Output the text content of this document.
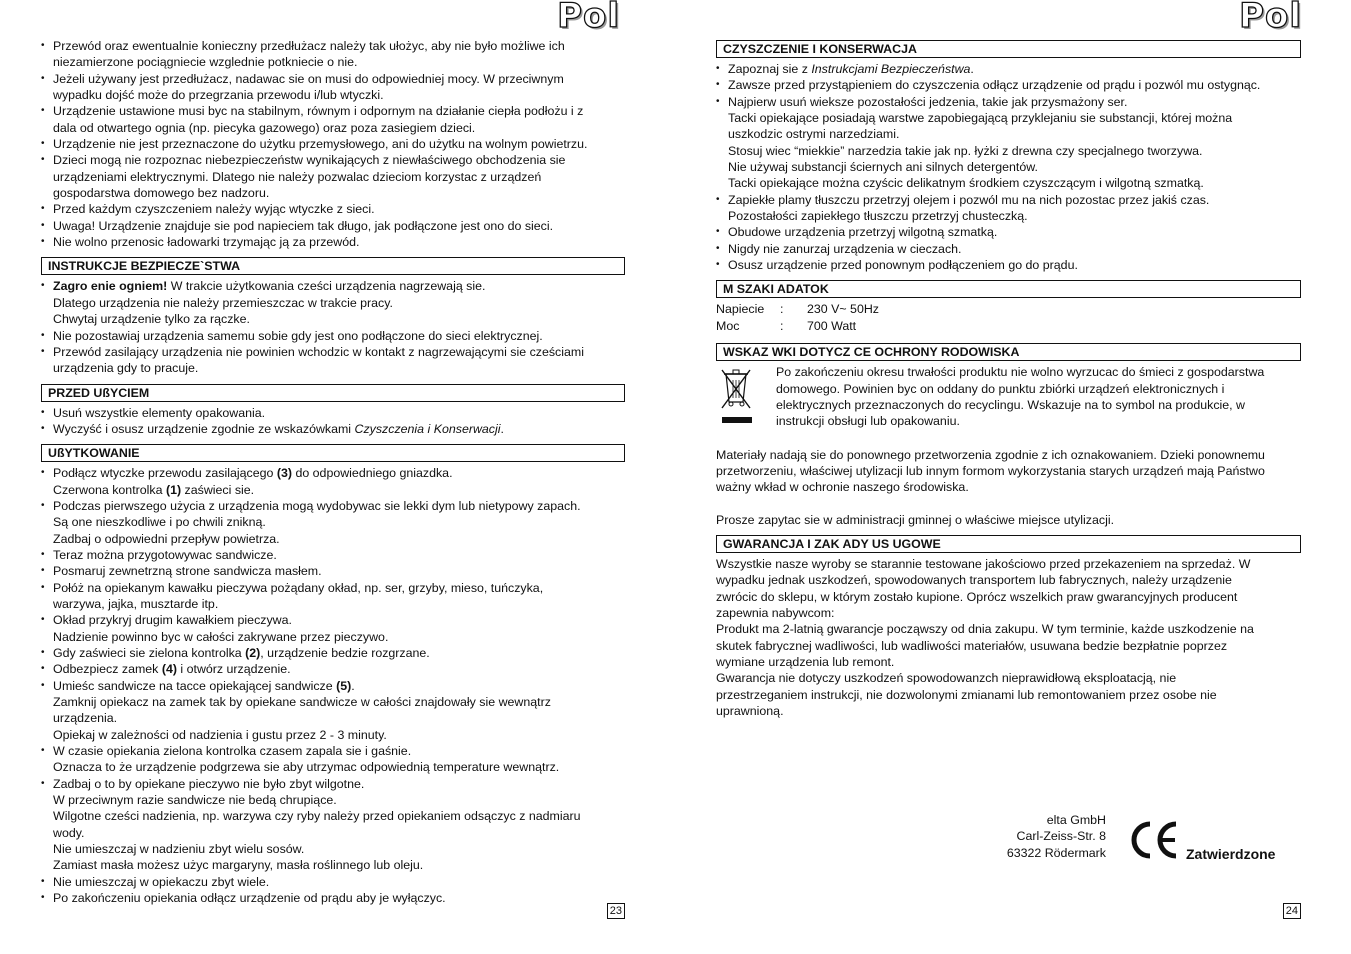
Pol
• Przewód oraz ewentualnie konieczny przedłużacz należy tak ułożyc, aby nie było możliwe ich
niezamierzone pociągniecie wzglednie potkniecie o nie.
• Jeżeli używany jest przedłużacz, nadawac sie on musi do odpowiedniej mocy. W przeciwnym
wypadku dojść może do przegrzania przewodu i/lub wtyczki.
• Urządzenie ustawione musi byc na stabilnym, równym i odpornym na działanie ciepła podłożu i z
dala od otwartego ognia (np. piecyka gazowego) oraz poza zasiegiem dzieci.
• Urządzenie nie jest przeznaczone do użytku przemysłowego, ani do użytku na wolnym powietrzu.
• Dzieci mogą nie rozpoznac niebezpieczeństw wynikających z niewłaściwego obchodzenia sie
urządzeniami elektrycznymi. Dlatego nie należy pozwalac dzieciom korzystac z urządzeń
gospodarstwa domowego bez nadzoru.
• Przed każdym czyszczeniem należy wyjąc wtyczke z sieci.
• Uwaga! Urządzenie znajduje sie pod napieciem tak długo, jak podłączone jest ono do sieci.
• Nie wolno przenosic ładowarki trzymając ją za przewód.
INSTRUKCJE BEZPIECZE`STWA
• Zagro enie ogniem! W trakcie użytkowania cześci urządzenia nagrzewają sie.
Dlatego urządzenia nie należy przemieszczac w trakcie pracy.
Chwytaj urządzenie tylko za rączke.
• Nie pozostawiaj urządzenia samemu sobie gdy jest ono podłączone do sieci elektrycznej.
• Przewód zasilający urządzenia nie powinien wchodzic w kontakt z nagrzewającymi sie cześciami
urządzenia gdy to pracuje.
PRZED UßYCIEM
• Usuń wszystkie elementy opakowania.
• Wyczyść i osusz urządzenie zgodnie ze wskazówkami Czyszczenia i Konserwacji.
UßYTKOWANIE
• Podłącz wtyczke przewodu zasilającego (3) do odpowiedniego gniazdka.
Czerwona kontrolka (1) zaświeci sie.
• Podczas pierwszego użycia z urządzenia mogą wydobywac sie lekki dym lub nietypowy zapach.
Są one nieszkodliwe i po chwili znikną.
Zadbaj o odpowiedni przepływ powietrza.
• Teraz można przygotowywac sandwicze.
• Posmaruj zewnetrzną strone sandwicza masłem.
• Połóż na opiekanym kawałku pieczywa pożądany okład, np. ser, grzyby, mieso, tuńczyka,
warzywa, jajka, musztarde itp.
• Okład przykryj drugim kawałkiem pieczywa.
Nadzienie powinno byc w całości zakrywane przez pieczywo.
• Gdy zaświeci sie zielona kontrolka (2), urządzenie bedzie rozgrzane.
• Odbezpiecz zamek (4) i otwórz urządzenie.
• Umieśc sandwicze na tacce opiekającej sandwicze (5).
Zamknij opiekacz na zamek tak by opiekane sandwicze w całości znajdowały sie wewnątrz
urządzenia.
Opiekaj w zależności od nadzienia i gustu przez 2 - 3 minuty.
• W czasie opiekania zielona kontrolka czasem zapala sie i gaśnie.
Oznacza to że urządzenie podgrzewa sie aby utrzymac odpowiednią temperature wewnątrz.
• Zadbaj o to by opiekane pieczywo nie było zbyt wilgotne.
W przeciwnym razie sandwicze nie bedą chrupiące.
Wilgotne cześci nadzienia, np. warzywa czy ryby należy przed opiekaniem odsączyc z nadmiaru
wody.
Nie umieszczaj w nadzieniu zbyt wielu sosów.
Zamiast masła możesz użyc margaryny, masła roślinnego lub oleju.
• Nie umieszczaj w opiekaczu zbyt wiele.
• Po zakończeniu opiekania odłącz urządzenie od prądu aby je wyłączyc.
23
Pol
CZYSZCZENIE I KONSERWACJA
• Zapoznaj sie z Instrukcjami Bezpieczeństwa.
• Zawsze przed przystąpieniem do czyszczenia odłącz urządzenie od prądu i pozwól mu ostygnąc.
• Najpierw usuń wieksze pozostałości jedzenia, takie jak przysmażony ser.
Tacki opiekające posiadają warstwe zapobiegającą przyklejaniu sie substancji, której można
uszkodzic ostrymi narzedziami.
Stosuj wiec “miekkie” narzedzia takie jak np. łyżki z drewna czy specjalnego tworzywa.
Nie używaj substancji ściernych ani silnych detergentów.
Tacki opiekające można czyścic delikatnym środkiem czyszczącym i wilgotną szmatką.
• Zapiekłe plamy tłuszczu przetrzyj olejem i pozwól mu na nich pozostac przez jakiś czas.
Pozostałości zapiekłego tłuszczu przetrzyj chusteczką.
• Obudowe urządzenia przetrzyj wilgotną szmatką.
• Nigdy nie zanurzaj urządzenia w cieczach.
• Osusz urządzenie przed ponownym podłączeniem go do prądu.
M SZAKI ADATOK
Napiecie	:	230 V~ 50Hz
Moc	:	700 Watt
WSKAZ WKI DOTYCZ CE OCHRONY RODOWISKA
Po zakończeniu okresu trwałości produktu nie wolno wyrzucac do śmieci z gospodarstwa
domowego. Powinien byc on oddany do punktu zbiórki urządzeń elektronicznych i
elektrycznych przeznaczonych do recyclingu. Wskazuje na to symbol na produkcie, w
instrukcji obsługi lub opakowaniu.
Materiały nadają sie do ponownego przetworzenia zgodnie z ich oznakowaniem. Dzieki ponownemu
przetworzeniu, właściwej utylizacji lub innym formom wykorzystania starych urządzeń mają Państwo
ważny wkład w ochronie naszego środowiska.
Prosze zapytac sie w administracji gminnej o właściwe miejsce utylizacji.
GWARANCJA I ZAK ADY US UGOWE
Wszystkie nasze wyroby se starannie testowane jakościowo przed przekazeniem na sprzedaż. W
wypadku jednak uszkodzeń, spowodowanych transportem lub fabrycznych, należy urządzenie
zwrócic do sklepu, w którym zostało kupione. Oprócz wszelkich praw gwarancyjnych producent
zapewnia nabywcom:
Produkt ma 2-latnią gwarancje począwszy od dnia zakupu. W tym terminie, każde uszkodzenie na
skutek fabrycznej wadliwości, lub wadliwości materiałów, usuwana bedzie bezpłatnie poprzez
wymiane urządzenia lub remont.
Gwarancja nie dotyczy uszkodzeń spowodowanzch nieprawidłową eksploatacją, nie
przestrzeganiem instrukcji, nie dozwolonymi zmianami lub remontowaniem przez osobe nie
uprawnioną.
elta GmbH
Carl-Zeiss-Str. 8
63322 Rödermark	Zatwierdzone
24
